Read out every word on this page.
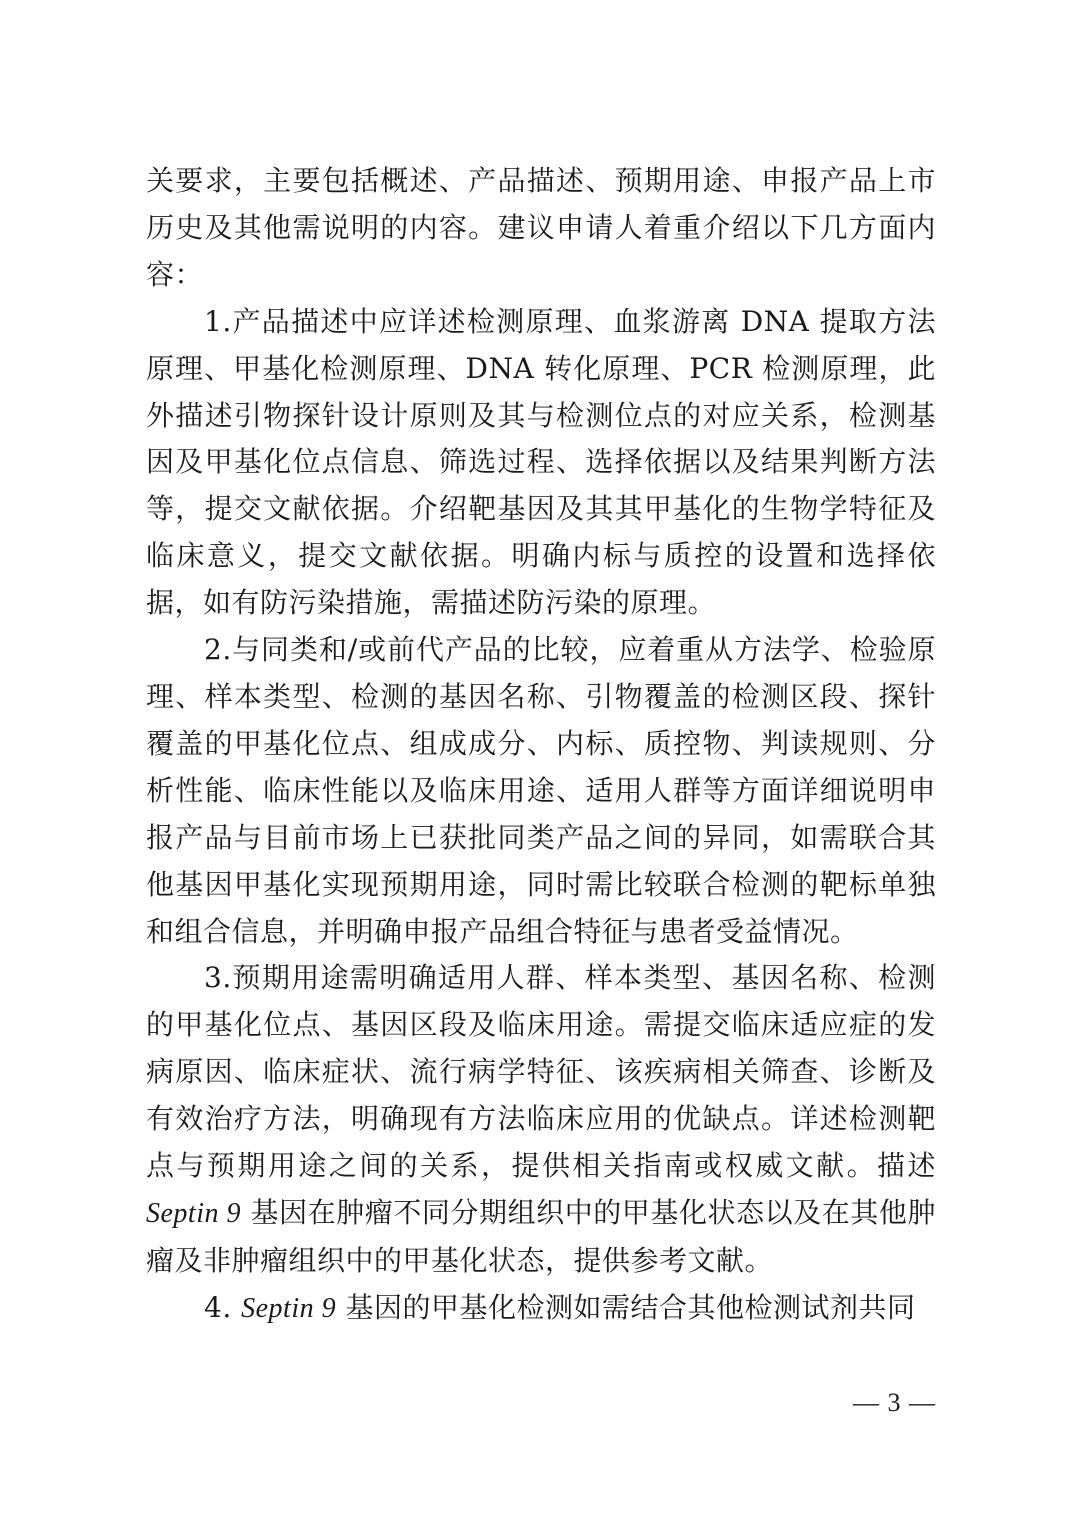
关要求，主要包括概述、产品描述、预期用途、申报产品上市历史及其他需说明的内容。建议申请人着重介绍以下几方面内容：

1.产品描述中应详述检测原理、血浆游离 DNA 提取方法原理、甲基化检测原理、DNA 转化原理、PCR 检测原理，此外描述引物探针设计原则及其与检测位点的对应关系，检测基因及甲基化位点信息、筛选过程、选择依据以及结果判断方法等，提交文献依据。介绍靶基因及其其甲基化的生物学特征及临床意义，提交文献依据。明确内标与质控的设置和选择依据，如有防污染措施，需描述防污染的原理。

2.与同类和/或前代产品的比较，应着重从方法学、检验原理、样本类型、检测的基因名称、引物覆盖的检测区段、探针覆盖的甲基化位点、组成成分、内标、质控物、判读规则、分析性能、临床性能以及临床用途、适用人群等方面详细说明申报产品与目前市场上已获批同类产品之间的异同，如需联合其他基因甲基化实现预期用途，同时需比较联合检测的靶标单独和组合信息，并明确申报产品组合特征与患者受益情况。

3.预期用途需明确适用人群、样本类型、基因名称、检测的甲基化位点、基因区段及临床用途。需提交临床适应症的发病原因、临床症状、流行病学特征、该疾病相关筛查、诊断及有效治疗方法，明确现有方法临床应用的优缺点。详述检测靶点与预期用途之间的关系，提供相关指南或权威文献。描述 Septin 9 基因在肿瘤不同分期组织中的甲基化状态以及在其他肿瘤及非肿瘤组织中的甲基化状态，提供参考文献。

4. Septin 9 基因的甲基化检测如需结合其他检测试剂共同

— 3 —
